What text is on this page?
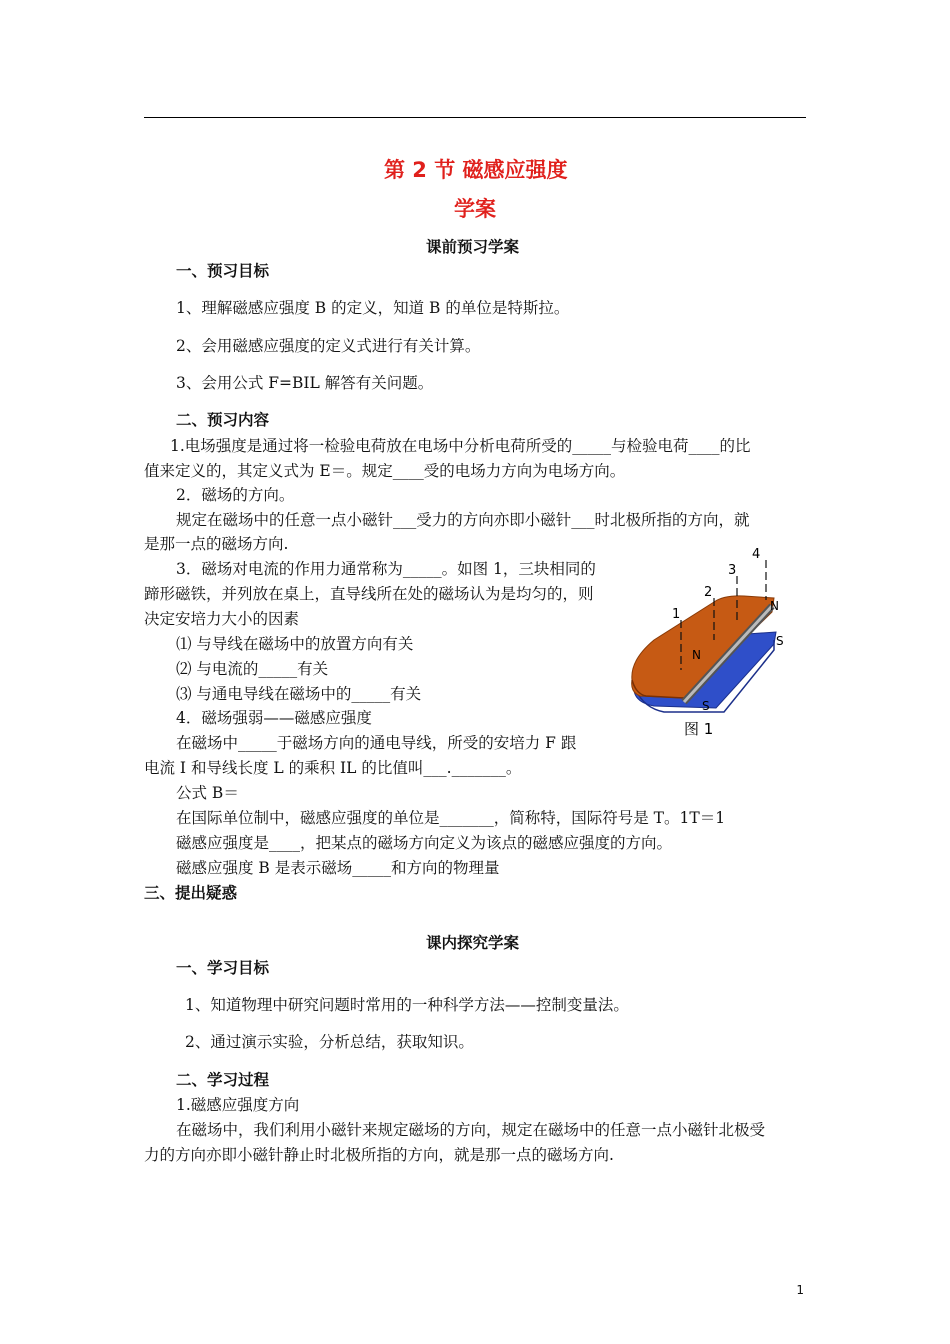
第 2 节 磁感应强度
学案
课前预习学案
一、预习目标
1、理解磁感应强度 B 的定义，知道 B 的单位是特斯拉。
2、会用磁感应强度的定义式进行有关计算。
3、会用公式 F=BIL 解答有关问题。
二、预习内容
1.电场强度是通过将一检验电荷放在电场中分析电荷所受的_____与检验电荷____的比
值来定义的，其定义式为 E＝。规定____受的电场力方向为电场方向。
2．磁场的方向。
规定在磁场中的任意一点小磁针___受力的方向亦即小磁针___时北极所指的方向，就
是那一点的磁场方向.
3．磁场对电流的作用力通常称为_____。如图 1，三块相同的
蹄形磁铁，并列放在桌上，直导线所在处的磁场认为是均匀的，则
决定安培力大小的因素
⑴ 与导线在磁场中的放置方向有关
⑵ 与电流的_____有关
⑶ 与通电导线在磁场中的_____有关
4．磁场强弱——磁感应强度
在磁场中_____于磁场方向的通电导线，所受的安培力 F 跟
电流 I 和导线长度 L 的乘积 IL 的比值叫___._______。
公式 B＝
在国际单位制中，磁感应强度的单位是_______，简称特，国际符号是 T。1T＝1
磁感应强度是____，把某点的磁场方向定义为该点的磁感应强度的方向。
磁感应强度 B 是表示磁场_____和方向的物理量
三、提出疑惑
1
2
3
4
N
N
S
S
图 1
课内探究学案
一、学习目标
1、知道物理中研究问题时常用的一种科学方法——控制变量法。
2、通过演示实验，分析总结，获取知识。
二、学习过程
1.磁感应强度方向
在磁场中，我们利用小磁针来规定磁场的方向，规定在磁场中的任意一点小磁针北极受
力的方向亦即小磁针静止时北极所指的方向，就是那一点的磁场方向.
1
